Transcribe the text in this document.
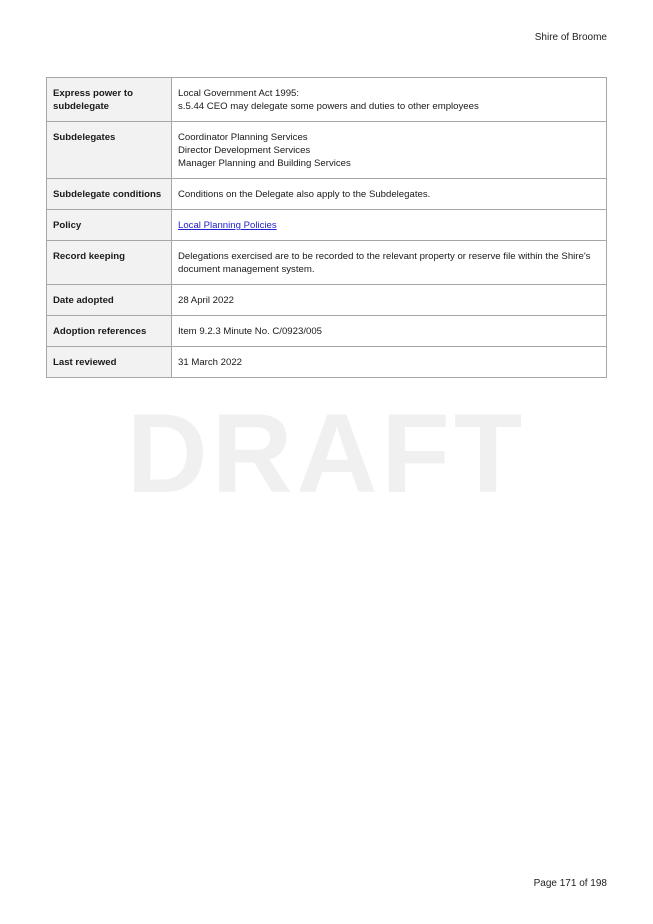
Shire of Broome
DRAFT
Express power to subdelegate	Local Government Act 1995:
s.5.44 CEO may delegate some powers and duties to other employees

Subdelegates	Coordinator Planning Services
Director Development Services
Manager Planning and Building Services

Subdelegate conditions	Conditions on the Delegate also apply to the Subdelegates.

Policy	Local Planning Policies
Record keeping	Delegations exercised are to be recorded to the relevant property or reserve file within the Shire's document management system.
Date adopted	28 April 2022
Adoption references	Item 9.2.3 Minute No. C/0923/005
Last reviewed	31 March 2022
Page 171 of 198
